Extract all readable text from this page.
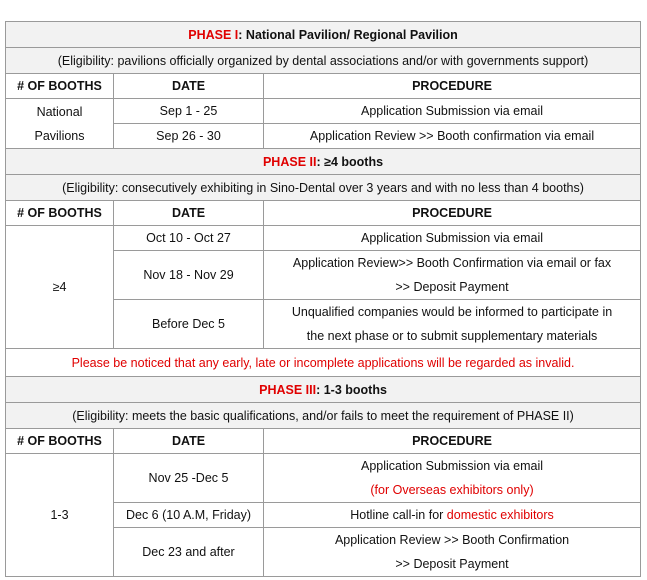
PHASE I: National Pavilion/ Regional Pavilion		
(Eligibility: pavilions officially organized by dental associations and/or with governments support)		
# OF BOOTHS	DATE	PROCEDURE

National
Pavilions	Sep 1 - 25	Application Submission via email
	Sep 26 - 30	Application Review >> Booth confirmation via email
PHASE II: ≥4 booths		
(Eligibility: consecutively exhibiting in Sino-Dental over 3 years and with no less than 4 booths)		
# OF BOOTHS	DATE	PROCEDURE
≥4	Oct 10 - Oct 27	Application Submission via email
	Nov 18 - Nov 29	Application Review>> Booth Confirmation via email or fax
>> Deposit Payment

	Before Dec 5	Unqualified companies would be informed to participate in
the next phase or to submit supplementary materials

Please be noticed that any early, late or incomplete applications will be regarded as invalid.		
PHASE III: 1-3 booths		
(Eligibility: meets the basic qualifications, and/or fails to meet the requirement of PHASE II)		
# OF BOOTHS	DATE	PROCEDURE
1-3	Nov 25 -Dec 5	Application Submission via email
(for Overseas exhibitors only)

	Dec 6 (10 A.M, Friday)	Hotline call-in for domestic exhibitors
	Dec 23 and after	Application Review >> Booth Confirmation
>> Deposit Payment
